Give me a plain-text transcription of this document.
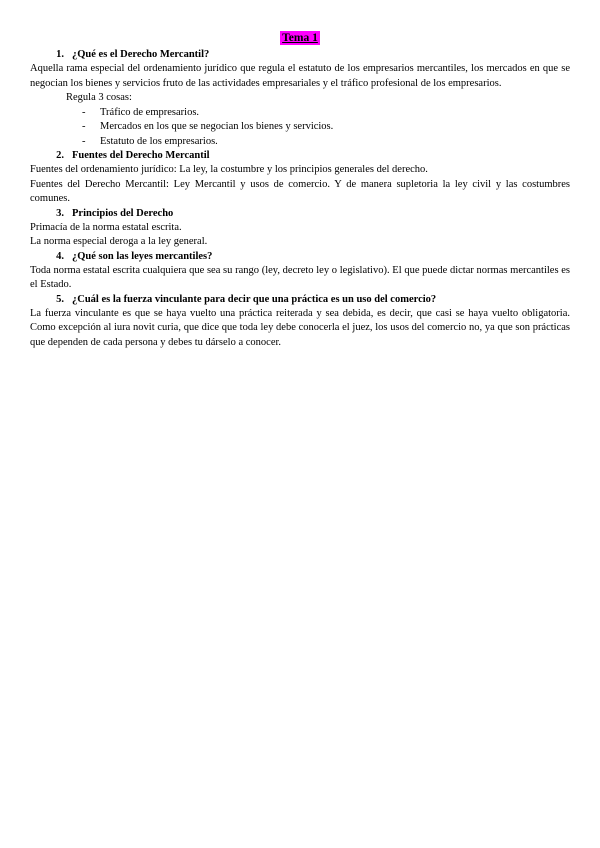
Tema 1
1. ¿Qué es el Derecho Mercantil?

Aquella rama especial del ordenamiento jurídico que regula el estatuto de los empresarios mercantiles, los mercados en que se negocian los bienes y servicios fruto de las actividades empresariales y el tráfico profesional de los empresarios.

Regula 3 cosas:

-	Tráfico de empresarios.
-	Mercados en los que se negocian los bienes y servicios.
-	Estatuto de los empresarios.
2. Fuentes del Derecho Mercantil

Fuentes del ordenamiento jurídico: La ley, la costumbre y los principios generales del derecho.

Fuentes del Derecho Mercantil: Ley Mercantil y usos de comercio. Y de manera supletoria la ley civil y las costumbres comunes.

3. Principios del Derecho

Primacía de la norma estatal escrita.

La norma especial deroga a la ley general.

4. ¿Qué son las leyes mercantiles?

Toda norma estatal escrita cualquiera que sea su rango (ley, decreto ley o legislativo). El que puede dictar normas mercantiles es el Estado.

5. ¿Cuál es la fuerza vinculante para decir que una práctica es un uso del comercio?

La fuerza vinculante es que se haya vuelto una práctica reiterada y sea debida, es decir, que casi se haya vuelto obligatoria. Como excepción al iura novit curia, que dice que toda ley debe conocerla el juez, los usos del comercio no, ya que son prácticas que dependen de cada persona y debes tu dárselo a conocer.
